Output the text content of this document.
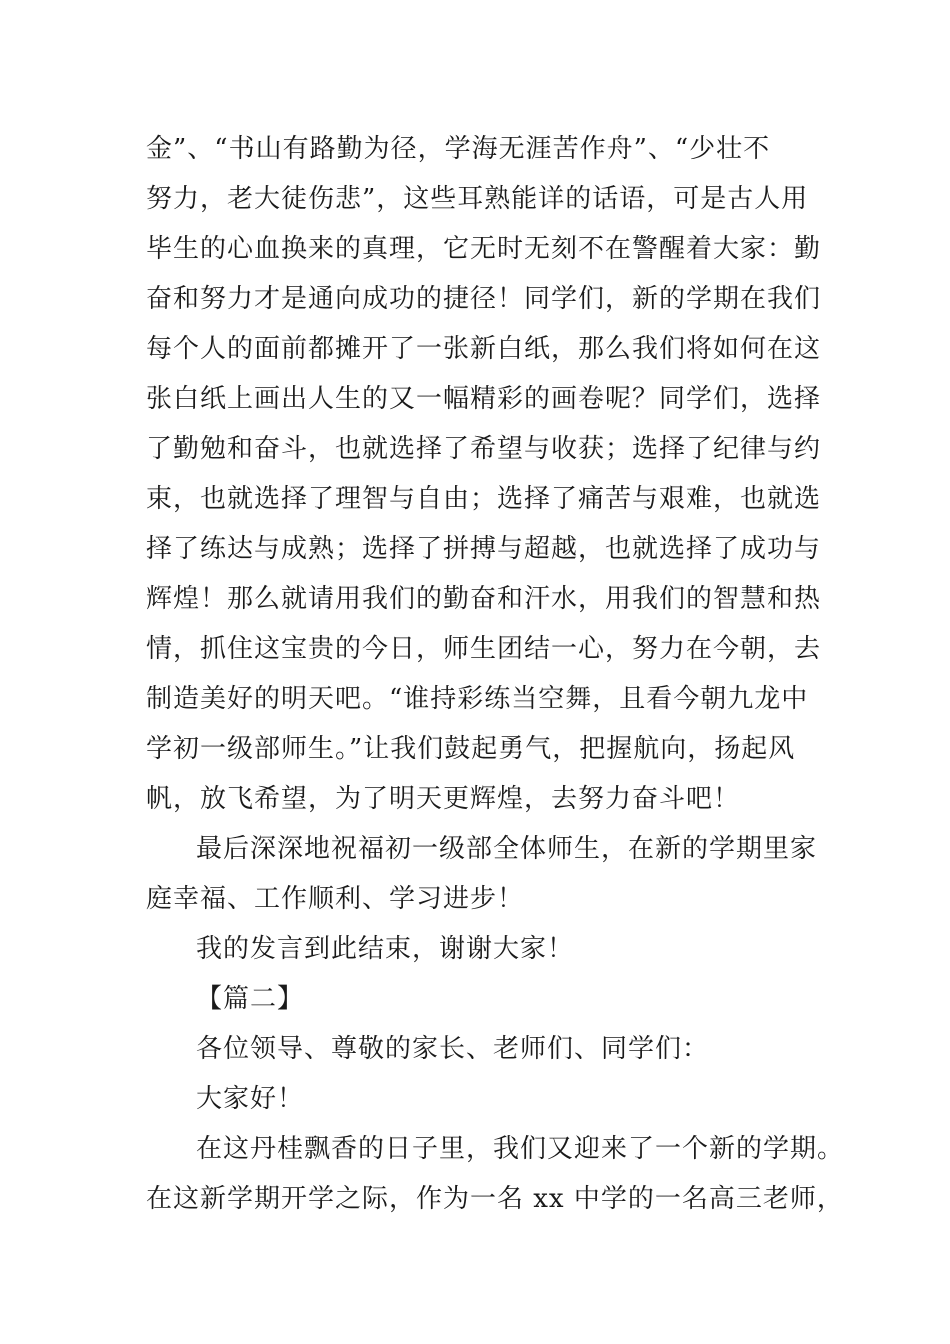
金”、“书山有路勤为径，学海无涯苦作舟”、“少壮不
努力，老大徒伤悲”，这些耳熟能详的话语，可是古人用
毕生的心血换来的真理，它无时无刻不在警醒着大家：勤
奋和努力才是通向成功的捷径！同学们，新的学期在我们
每个人的面前都摊开了一张新白纸，那么我们将如何在这
张白纸上画出人生的又一幅精彩的画卷呢？同学们，选择
了勤勉和奋斗，也就选择了希望与收获；选择了纪律与约
束，也就选择了理智与自由；选择了痛苦与艰难，也就选
择了练达与成熟；选择了拼搏与超越，也就选择了成功与
辉煌！那么就请用我们的勤奋和汗水，用我们的智慧和热
情，抓住这宝贵的今日，师生团结一心，努力在今朝，去
制造美好的明天吧。“谁持彩练当空舞，且看今朝九龙中
学初一级部师生。”让我们鼓起勇气，把握航向，扬起风
帆，放飞希望，为了明天更辉煌，去努力奋斗吧！
最后深深地祝福初一级部全体师生，在新的学期里家
庭幸福、工作顺利、学习进步！
我的发言到此结束，谢谢大家！
【篇二】
各位领导、尊敬的家长、老师们、同学们：
大家好！
在这丹桂飘香的日子里，我们又迎来了一个新的学期。
在这新学期开学之际，作为一名 xx 中学的一名高三老师，
